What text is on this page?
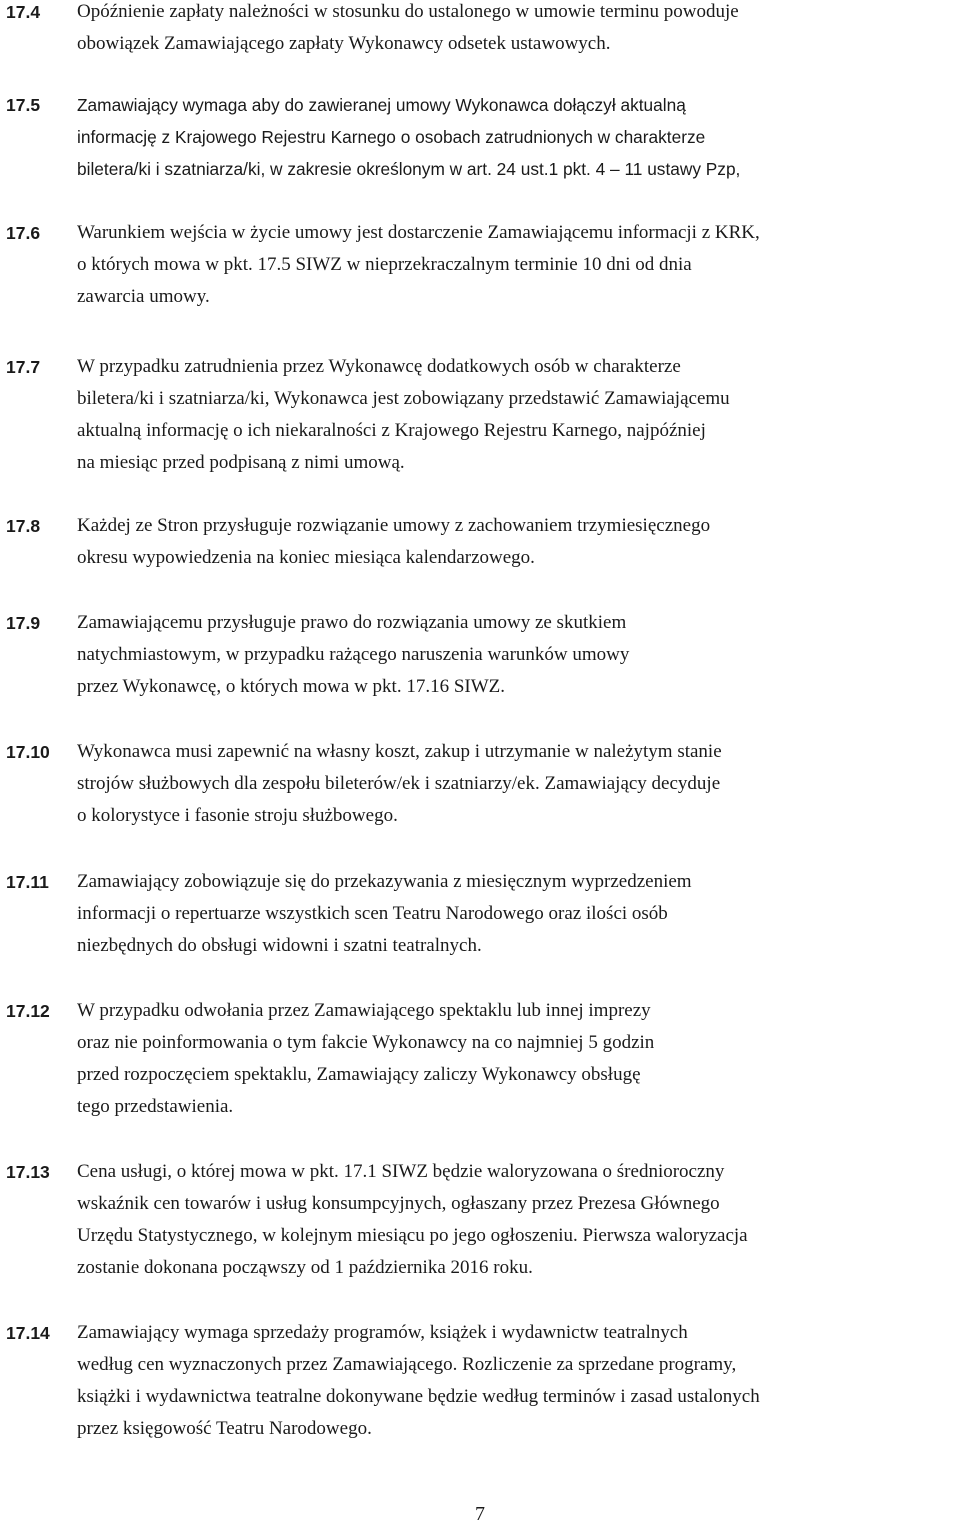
17.4 Opóźnienie zapłaty należności w stosunku do ustalonego w umowie terminu powoduje
obowiązek Zamawiającego zapłaty Wykonawcy odsetek ustawowych.
17.5 Zamawiający wymaga aby do zawieranej umowy Wykonawca dołączył aktualną
informację z Krajowego Rejestru Karnego o osobach zatrudnionych w charakterze
biletera/ki i szatniarza/ki, w zakresie określonym w art. 24 ust.1 pkt. 4 – 11 ustawy Pzp,
17.6 Warunkiem wejścia w życie umowy jest dostarczenie Zamawiającemu informacji z KRK,
o których mowa w pkt. 17.5 SIWZ w nieprzekraczalnym terminie 10 dni od dnia
zawarcia umowy.
17.7 W przypadku zatrudnienia przez Wykonawcę dodatkowych osób w charakterze
biletera/ki i szatniarza/ki, Wykonawca jest zobowiązany przedstawić Zamawiającemu
aktualną informację o ich niekaralności z Krajowego Rejestru Karnego, najpóźniej
na miesiąc przed podpisaną z nimi umową.
17.8 Każdej ze Stron przysługuje rozwiązanie umowy z zachowaniem trzymiesięcznego
okresu wypowiedzenia na koniec miesiąca kalendarzowego.
17.9 Zamawiającemu przysługuje prawo do rozwiązania umowy ze skutkiem
natychmiastowym, w przypadku rażącego naruszenia warunków umowy
przez Wykonawcę, o których mowa w pkt. 17.16 SIWZ.
17.10 Wykonawca musi zapewnić na własny koszt, zakup i utrzymanie w należytym stanie
strojów służbowych dla zespołu bileterów/ek i szatniarzy/ek. Zamawiający decyduje
o kolorystyce i fasonie stroju służbowego.
17.11 Zamawiający zobowiązuje się do przekazywania z miesięcznym wyprzedzeniem
informacji o repertuarze wszystkich scen Teatru Narodowego oraz ilości osób
niezbędnych do obsługi widowni i szatni teatralnych.
17.12 W przypadku odwołania przez Zamawiającego spektaklu lub innej imprezy
oraz nie poinformowania o tym fakcie Wykonawcy na co najmniej 5 godzin
przed rozpoczęciem spektaklu, Zamawiający zaliczy Wykonawcy obsługę
tego przedstawienia.
17.13 Cena usługi, o której mowa w pkt. 17.1 SIWZ będzie waloryzowana o średnioroczny
wskaźnik cen towarów i usług konsumpcyjnych, ogłaszany przez Prezesa Głównego
Urzędu Statystycznego, w kolejnym miesiącu po jego ogłoszeniu. Pierwsza waloryzacja
zostanie dokonana począwszy od 1 października 2016 roku.
17.14 Zamawiający wymaga sprzedaży programów, książek i wydawnictw teatralnych
według cen wyznaczonych przez Zamawiającego. Rozliczenie za sprzedane programy,
książki i wydawnictwa teatralne dokonywane będzie według terminów i zasad ustalonych
przez księgowość Teatru Narodowego.
7
